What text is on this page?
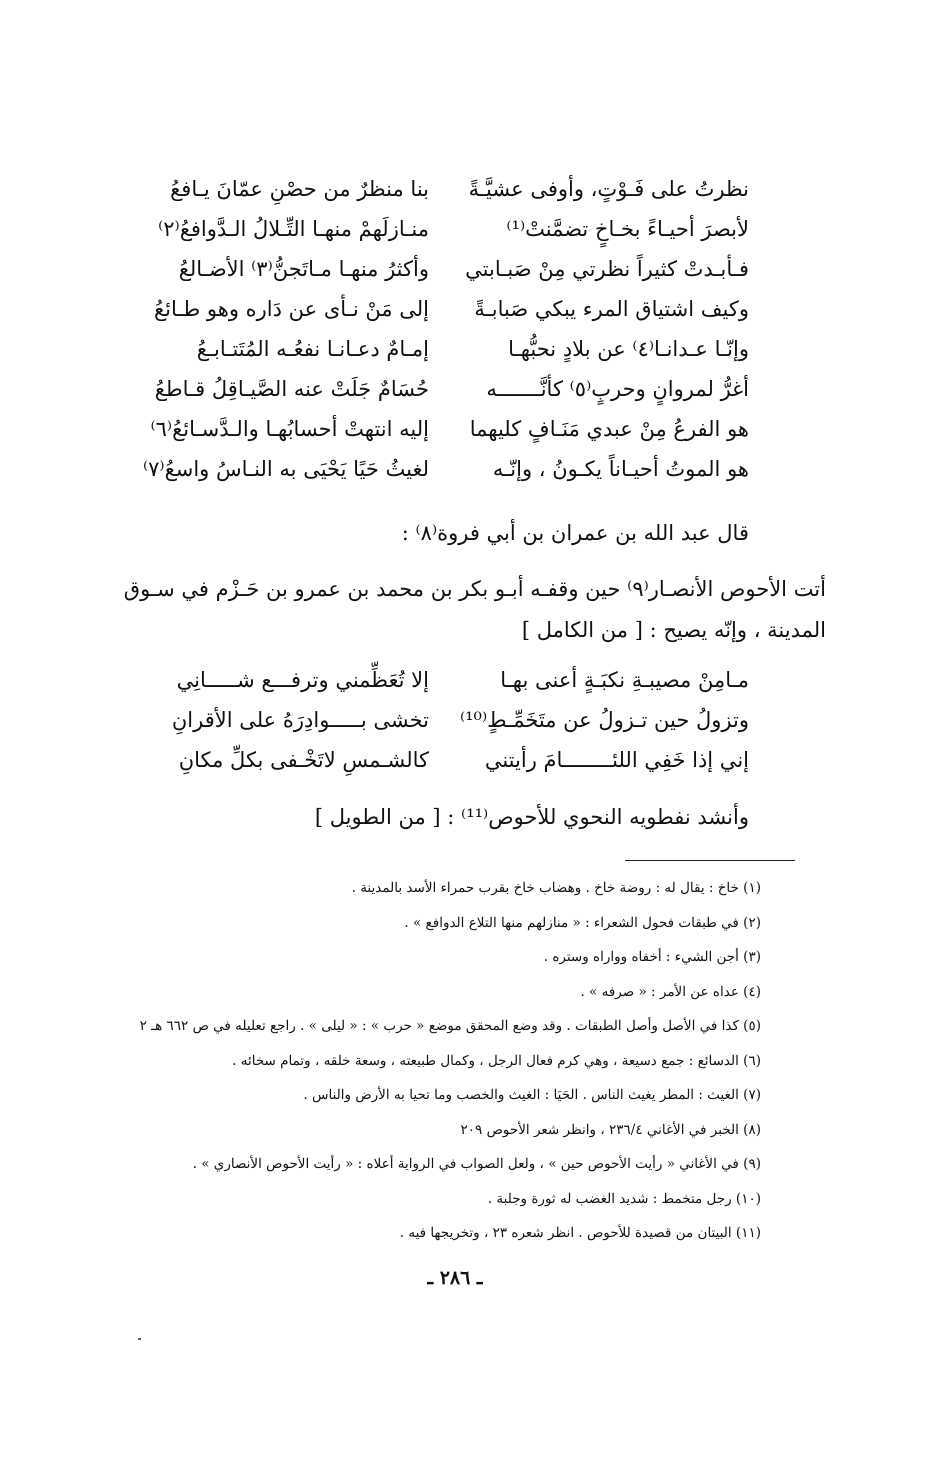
نظرتُ على فَـوْتٍ، وأوفى عشيَّـةً
بنا منظرٌ من حصْنِ عمّانَ يـافعُ
لأبصرَ أحيـاءً بخـاخٍ تضمَّنتْ⁽¹⁾
منـازلَهمْ منهـا التِّـلالُ الـدَّوافعُ⁽٢⁾
فـأبـدتْ كثيراً نظرتي مِنْ صَبـابتي
وأكثرُ منهـا مـاتَجنُّ⁽٣⁾ الأضـالعُ
وكيف اشتياق المرء يبكي صَبابـةً
إلى مَنْ نـأى عن دَاره وهو طـائعُ
وإنّـا عـدانـا⁽٤⁾ عن بلادٍ نحبُّهـا
إمـامٌ دعـانـا نفعُـه المُتَتـابـعُ
أغرُّ لمروانٍ وحربٍ⁽٥⁾ كأنَّـــــــه
حُسَامٌ جَلَتْ عنه الصَّيـاقِلُ قـاطعُ
هو الفرعُ مِنْ عبدي مَنَـافٍ كليهما
إليه انتهتْ أحسابُهـا والـدَّسـائعُ⁽٦⁾
هو الموتُ أحيـاناً يكـونُ ، وإنّـه
لغيثُ حَيًا يَحْيَى به النـاسُ واسعُ⁽٧⁾
قال عبد الله بن عمران بن أبي فروة⁽٨⁾ :
أتت الأحوص الأنصـار⁽٩⁾ حين وقفـه أبـو بكر بن محمد بن عمرو بن حَـزْم في سـوق
المدينة ، وإنّه يصيح : [ من الكامل ]
مـامِنْ مصيبـةِ نكبَـةٍ أعنى بهـا
إلا تُعَظِّمني وترفـــع شـــــانِي
وتزولُ حين تـزولُ عن متَخَمِّـطٍ⁽¹⁰⁾
تخشى بـــــوادِرَهُ على الأقرانِ
إني إذا خَفِي اللئــــــــامَ رأيتني
كالشـمسِ لاتَخْـفى بكلِّ مكانِ
وأنشد نفطويه النحوي للأحوص⁽¹¹⁾ : [ من الطويل ]
(١) خاخ : يقال له : روضة خاخ . وهضاب خاخ بقرب حمراء الأسد بالمدينة .
(٢) في طبقات فحول الشعراء : « منازلهم منها التلاع الدوافع » .
(٣) أجن الشيء : أخفاه وواراه وستره .
(٤) عداه عن الأمر : « صرفه » .
(٥) كذا في الأصل وأصل الطبقات . وقد وضع المحقق موضع « حرب » : « ليلى » . راجع تعليله في ص ٦٦٢ هـ ٢
(٦) الدسائع : جمع دسيعة ، وهي كرم فعال الرجل ، وكمال طبيعته ، وسعة خلقه ، وتمام سخائه .
(٧) الغيث : المطر يغيث الناس . الحَيَا : الغيث والخصب وما تحيا به الأرض والناس .
(٨) الخبر في الأغاني ٢٣٦/٤ ، وانظر شعر الأحوص ٢٠٩
(٩) في الأغاني « رأيت الأحوص حين » ، ولعل الصواب في الرواية أعلاه : « رأيت الأحوص الأنصاري » .
(١٠) رجل متخمط : شديد الغضب له ثورة وجلبة .
(١١) البيتان من قصيدة للأحوص . انظر شعره ٢٣ ، وتخريجها فيه .
ـ ٢٨٦ ـ
